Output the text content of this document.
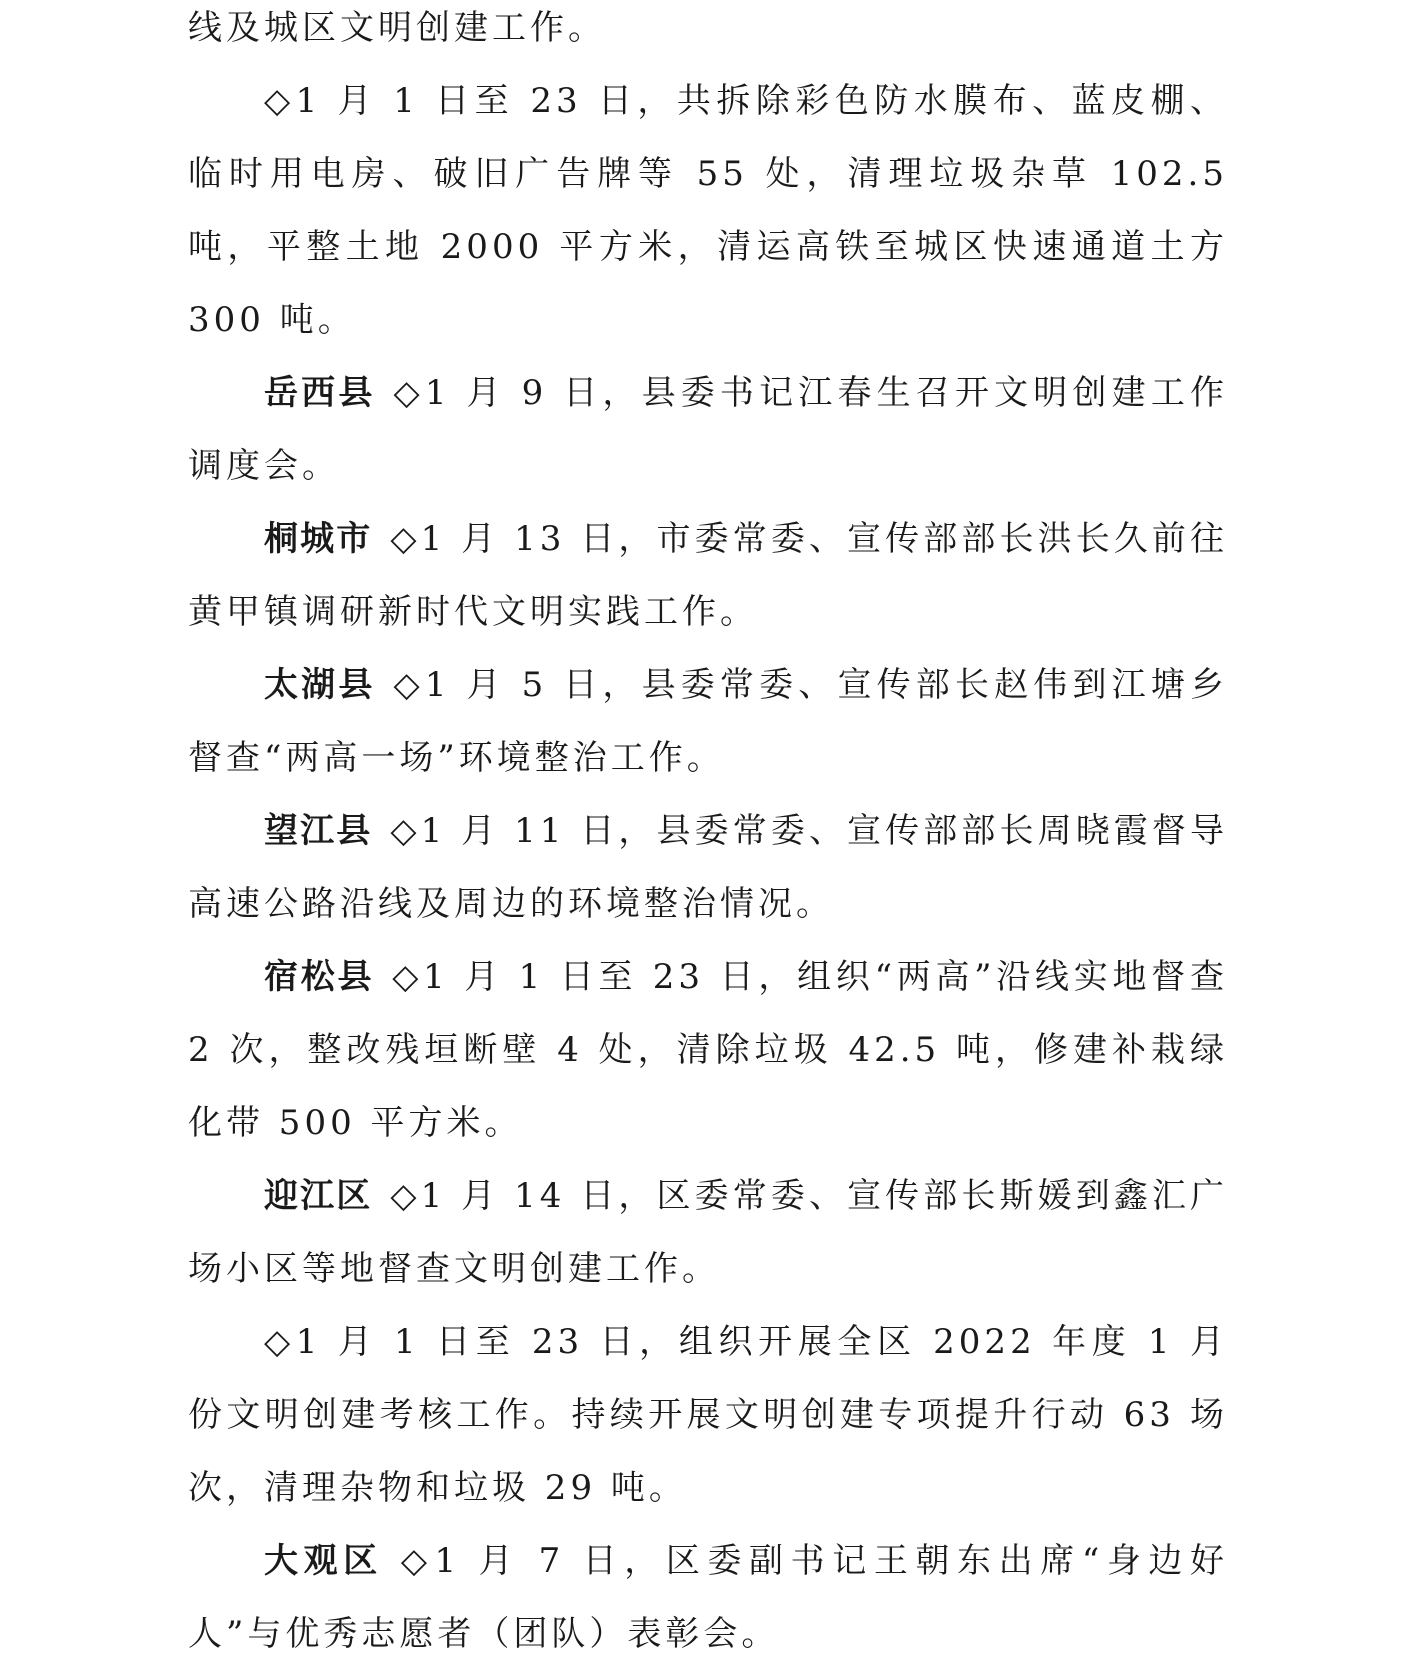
线及城区文明创建工作。

◇1 月 1 日至 23 日，共拆除彩色防水膜布、蓝皮棚、临时用电房、破旧广告牌等 55 处，清理垃圾杂草 102.5 吨，平整土地 2000 平方米，清运高铁至城区快速通道土方 300 吨。

岳西县 ◇1 月 9 日，县委书记江春生召开文明创建工作调度会。

桐城市 ◇1 月 13 日，市委常委、宣传部部长洪长久前往黄甲镇调研新时代文明实践工作。

太湖县 ◇1 月 5 日，县委常委、宣传部长赵伟到江塘乡督查“两高一场”环境整治工作。

望江县 ◇1 月 11 日，县委常委、宣传部部长周晓霞督导高速公路沿线及周边的环境整治情况。

宿松县 ◇1 月 1 日至 23 日，组织“两高”沿线实地督查 2 次，整改残垣断壁 4 处，清除垃圾 42.5 吨，修建补栽绿化带 500 平方米。

迎江区 ◇1 月 14 日，区委常委、宣传部长斯媛到鑫汇广场小区等地督查文明创建工作。

◇1 月 1 日至 23 日，组织开展全区 2022 年度 1 月份文明创建考核工作。持续开展文明创建专项提升行动 63 场次，清理杂物和垃圾 29 吨。

大观区 ◇1 月 7 日，区委副书记王朝东出席“身边好人”与优秀志愿者（团队）表彰会。
